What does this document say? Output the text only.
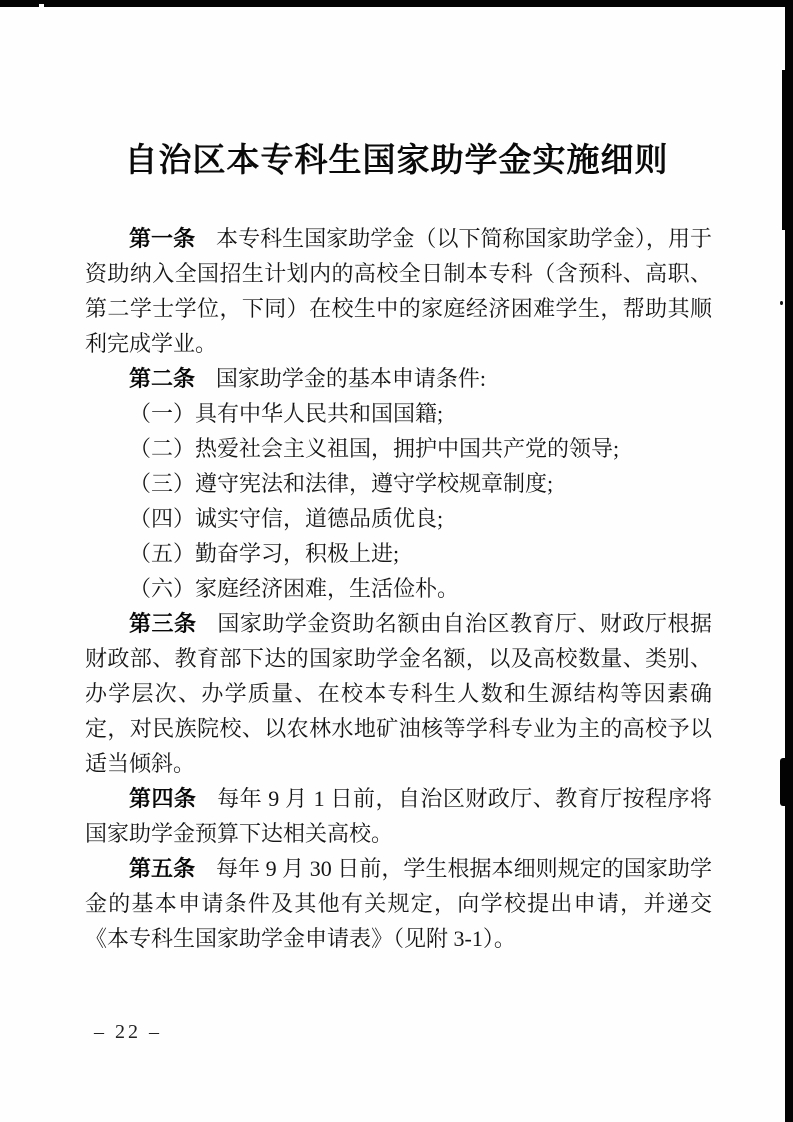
自治区本专科生国家助学金实施细则

第一条 本专科生国家助学金（以下简称国家助学金），用于资助纳入全国招生计划内的高校全日制本专科（含预科、高职、第二学士学位，下同）在校生中的家庭经济困难学生，帮助其顺利完成学业。

第二条 国家助学金的基本申请条件:

（一）具有中华人民共和国国籍;

（二）热爱社会主义祖国，拥护中国共产党的领导;

（三）遵守宪法和法律，遵守学校规章制度;

（四）诚实守信，道德品质优良;

（五）勤奋学习，积极上进;

（六）家庭经济困难，生活俭朴。

第三条 国家助学金资助名额由自治区教育厅、财政厅根据财政部、教育部下达的国家助学金名额，以及高校数量、类别、办学层次、办学质量、在校本专科生人数和生源结构等因素确定，对民族院校、以农林水地矿油核等学科专业为主的高校予以适当倾斜。

第四条 每年 9 月 1 日前，自治区财政厅、教育厅按程序将国家助学金预算下达相关高校。

第五条 每年 9 月 30 日前，学生根据本细则规定的国家助学金的基本申请条件及其他有关规定，向学校提出申请，并递交《本专科生国家助学金申请表》（见附 3-1）。

– 22 –
